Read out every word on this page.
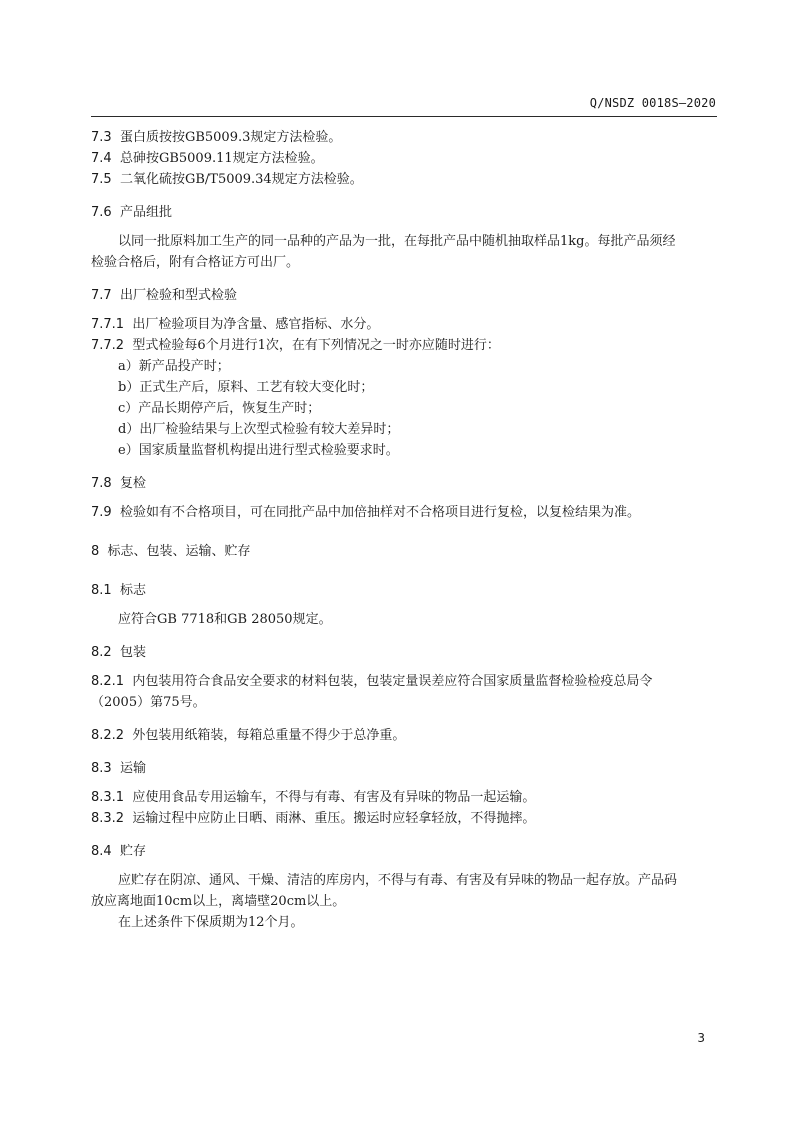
Q/NSDZ 0018S—2020
7.3 蛋白质按按GB5009.3规定方法检验。
7.4 总砷按GB5009.11规定方法检验。
7.5 二氧化硫按GB/T5009.34规定方法检验。
7.6 产品组批
以同一批原料加工生产的同一品种的产品为一批，在每批产品中随机抽取样品1kg。每批产品须经
检验合格后，附有合格证方可出厂。
7.7 出厂检验和型式检验
7.7.1 出厂检验项目为净含量、感官指标、水分。
7.7.2 型式检验每6个月进行1次，在有下列情况之一时亦应随时进行：
a）新产品投产时；
b）正式生产后，原料、工艺有较大变化时；
c）产品长期停产后，恢复生产时；
d）出厂检验结果与上次型式检验有较大差异时；
e）国家质量监督机构提出进行型式检验要求时。
7.8 复检
7.9 检验如有不合格项目，可在同批产品中加倍抽样对不合格项目进行复检，以复检结果为准。
8 标志、包装、运输、贮存
8.1 标志
应符合GB 7718和GB 28050规定。
8.2 包装
8.2.1 内包装用符合食品安全要求的材料包装，包装定量误差应符合国家质量监督检验检疫总局令
（2005）第75号。
8.2.2 外包装用纸箱装，每箱总重量不得少于总净重。
8.3 运输
8.3.1 应使用食品专用运输车，不得与有毒、有害及有异味的物品一起运输。
8.3.2 运输过程中应防止日晒、雨淋、重压。搬运时应轻拿轻放，不得抛摔。
8.4 贮存
应贮存在阴凉、通风、干燥、清洁的库房内，不得与有毒、有害及有异味的物品一起存放。产品码
放应离地面10cm以上，离墙壁20cm以上。
在上述条件下保质期为12个月。
3
